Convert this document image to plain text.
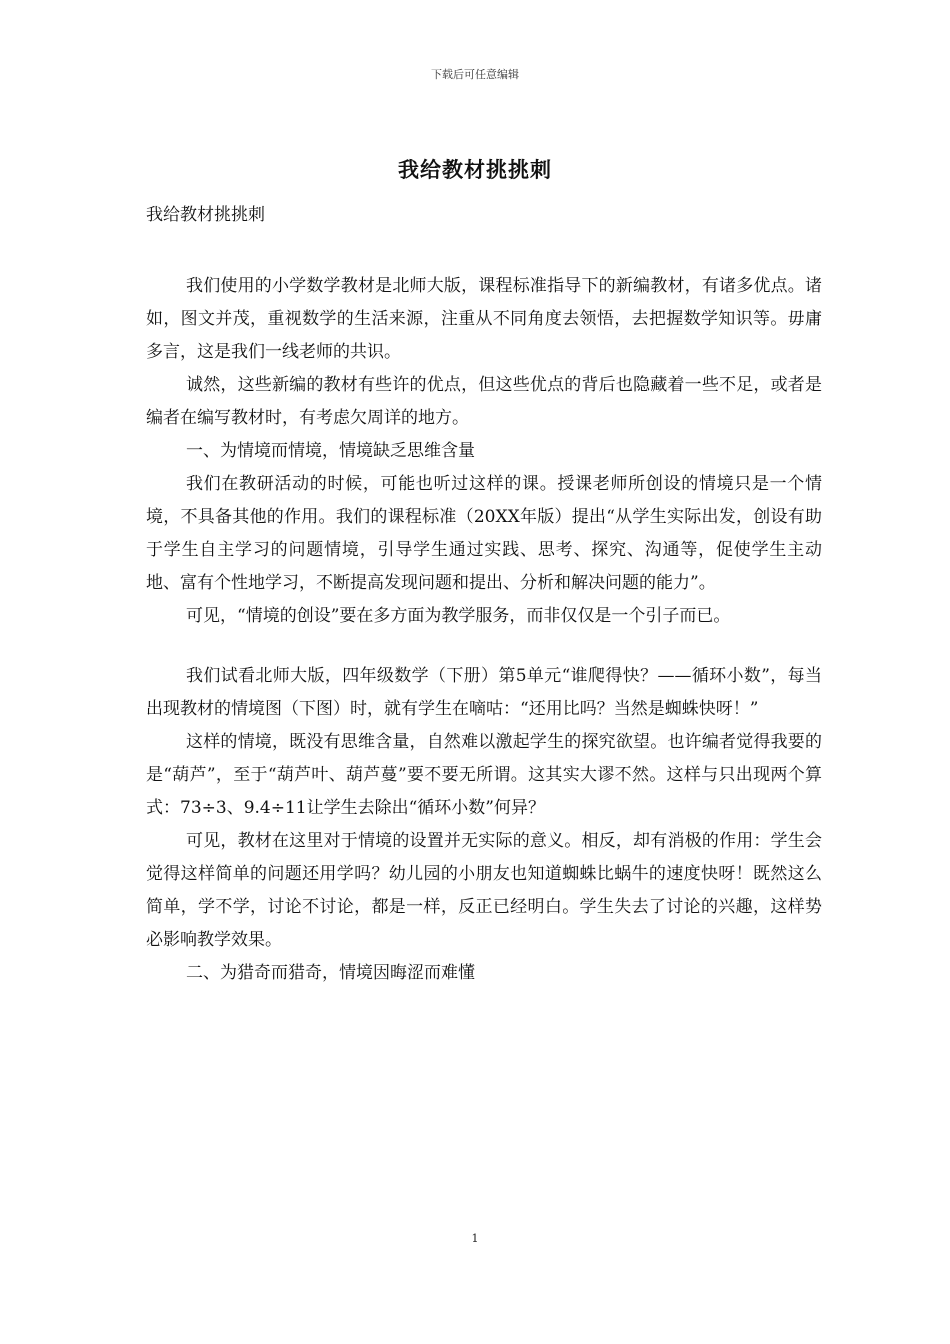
下载后可任意编辑
我给教材挑挑刺
我给教材挑挑刺

我们使用的小学数学教材是北师大版，课程标准指导下的新编教材，有诸多优点。诸如，图文并茂，重视数学的生活来源，注重从不同角度去领悟，去把握数学知识等。毋庸多言，这是我们一线老师的共识。

诚然，这些新编的教材有些许的优点，但这些优点的背后也隐藏着一些不足，或者是编者在编写教材时，有考虑欠周详的地方。

一、为情境而情境，情境缺乏思维含量

我们在教研活动的时候，可能也听过这样的课。授课老师所创设的情境只是一个情境，不具备其他的作用。我们的课程标准（20XX年版）提出“从学生实际出发，创设有助于学生自主学习的问题情境，引导学生通过实践、思考、探究、沟通等，促使学生主动地、富有个性地学习，不断提高发现问题和提出、分析和解决问题的能力”。

可见，“情境的创设”要在多方面为教学服务，而非仅仅是一个引子而已。

我们试看北师大版，四年级数学（下册）第5单元“谁爬得快？——循环小数”，每当出现教材的情境图（下图）时，就有学生在嘀咕：“还用比吗？当然是蜘蛛快呀！”

这样的情境，既没有思维含量，自然难以激起学生的探究欲望。也许编者觉得我要的是“葫芦”，至于“葫芦叶、葫芦蔓”要不要无所谓。这其实大谬不然。这样与只出现两个算式：73÷3、9.4÷11让学生去除出“循环小数”何异？

可见，教材在这里对于情境的设置并无实际的意义。相反，却有消极的作用：学生会觉得这样简单的问题还用学吗？幼儿园的小朋友也知道蜘蛛比蜗牛的速度快呀！既然这么简单，学不学，讨论不讨论，都是一样，反正已经明白。学生失去了讨论的兴趣，这样势必影响教学效果。

二、为猎奇而猎奇，情境因晦涩而难懂

1
